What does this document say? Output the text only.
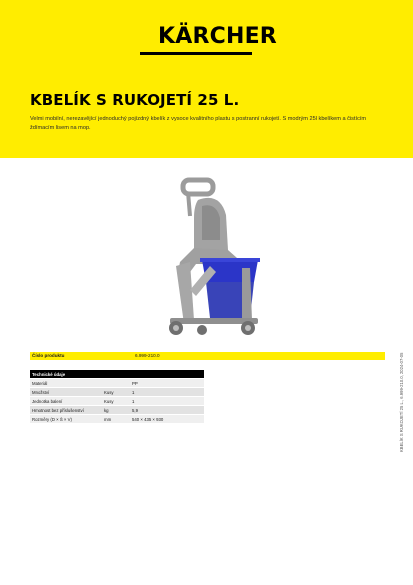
KÄRCHER
KBELÍK S RUKOJETÍ 25 L.
Velmi mobilní, nerezavějící jednoduchý pojízdný kbelík z vysoce kvalitního plastu s postranní rukojetí. S modrým 25l kbelíkem a čistícím ždímacím lisem na mop.
Číslo produktu	6.999-210.0
Technické údaje		
Materiál		PP
Množství	Kusy	1
Jednotka balení	Kusy	1
Hmotnost bez příslušenství	kg	5,9
Rozměry (D × Š × V)	mm	540 × 435 × 930	KBELÍK S RUKOJETÍ 25 L., 6.999-210.0, 2024-07-05
